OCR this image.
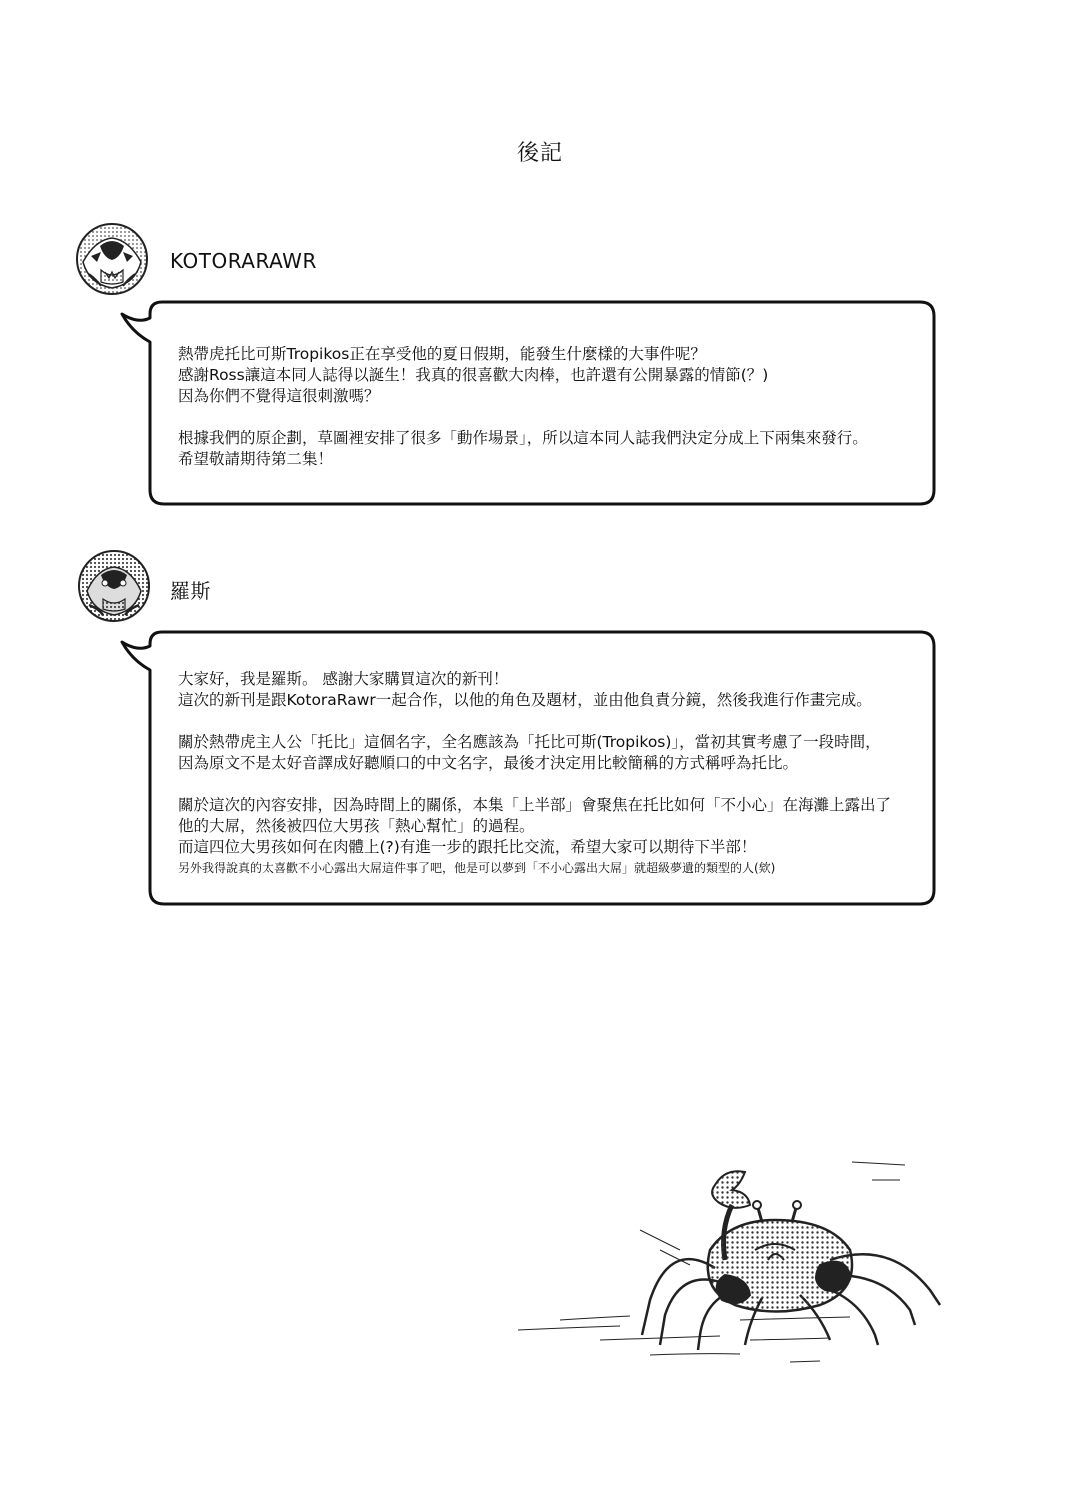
後記
KOTORARAWR
熱帶虎托比可斯Tropikos正在享受他的夏日假期，能發生什麼樣的大事件呢？
感謝Ross讓這本同人誌得以誕生！我真的很喜歡大肉棒，也許還有公開暴露的情節(？)
因為你們不覺得這很刺激嗎？
根據我們的原企劃，草圖裡安排了很多「動作場景」，所以這本同人誌我們決定分成上下兩集來發行。
希望敬請期待第二集！
羅斯
大家好，我是羅斯。 感謝大家購買這次的新刊！
這次的新刊是跟KotoraRawr一起合作，以他的角色及題材，並由他負責分鏡，然後我進行作畫完成。
關於熱帶虎主人公「托比」這個名字，全名應該為「托比可斯(Tropikos)」，當初其實考慮了一段時間，
因為原文不是太好音譯成好聽順口的中文名字，最後才決定用比較簡稱的方式稱呼為托比。
關於這次的內容安排，因為時間上的關係，本集「上半部」會聚焦在托比如何「不小心」在海灘上露出了
他的大屌，然後被四位大男孩「熱心幫忙」的過程。
而這四位大男孩如何在肉體上(?)有進一步的跟托比交流，希望大家可以期待下半部！
另外我得說真的太喜歡不小心露出大屌這件事了吧，他是可以夢到「不小心露出大屌」就超級夢遺的類型的人(欸)
